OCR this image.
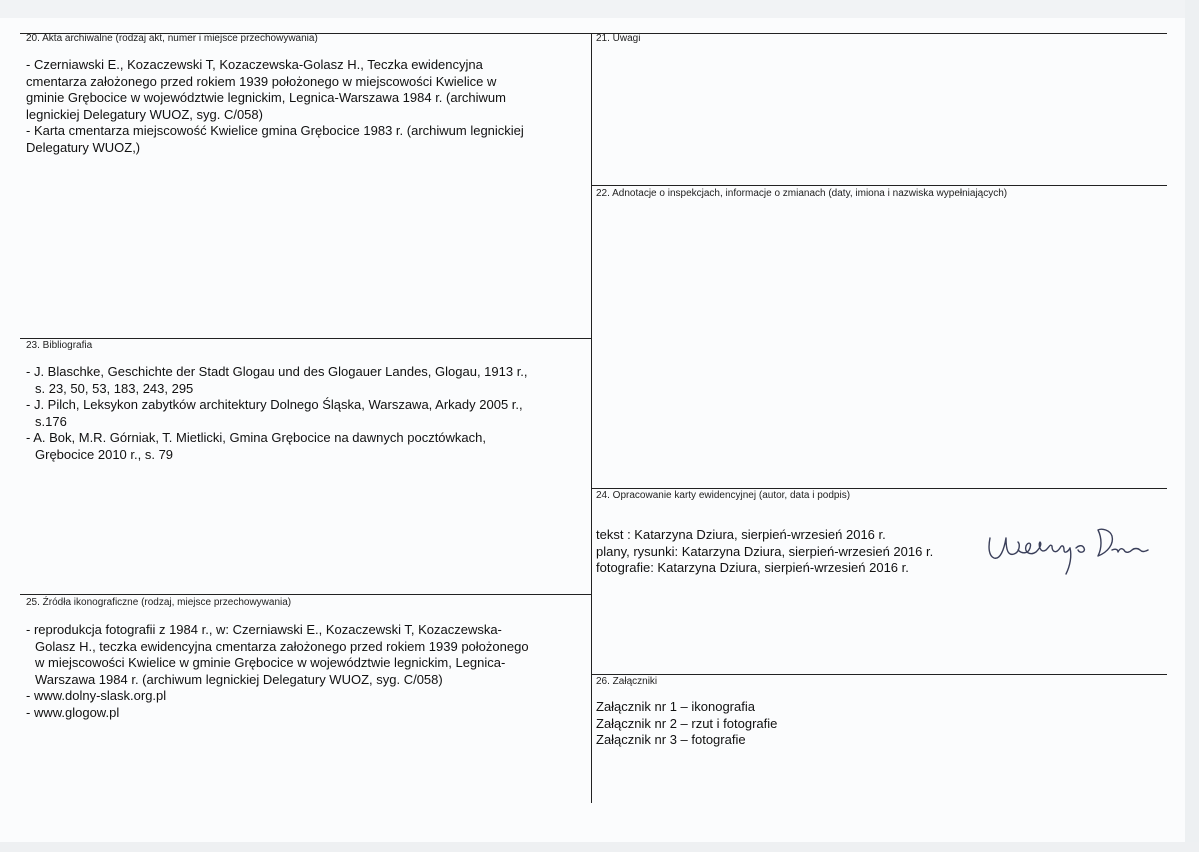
20. Akta archiwalne (rodzaj akt, numer i miejsce przechowywania)
- Czerniawski E., Kozaczewski T, Kozaczewska-Golasz H., Teczka ewidencyjna
cmentarza założonego przed rokiem 1939 położonego w miejscowości Kwielice w
gminie Grębocice w województwie legnickim, Legnica-Warszawa 1984 r. (archiwum
legnickiej Delegatury WUOZ, syg. C/058)
- Karta cmentarza miejscowość Kwielice gmina Grębocice 1983 r. (archiwum legnickiej
Delegatury WUOZ,)
21. Uwagi
22. Adnotacje o inspekcjach, informacje o zmianach (daty, imiona i nazwiska wypełniających)
23. Bibliografia
- J. Blaschke, Geschichte der Stadt Glogau und des Glogauer Landes, Glogau, 1913 r.,
s. 23, 50, 53, 183, 243, 295
- J. Pilch, Leksykon zabytków architektury Dolnego Śląska, Warszawa, Arkady 2005 r.,
s.176
- A. Bok, M.R. Górniak, T. Mietlicki, Gmina Grębocice na dawnych pocztówkach,
Grębocice 2010 r., s. 79
24. Opracowanie karty ewidencyjnej (autor, data i podpis)
tekst : Katarzyna Dziura, sierpień-wrzesień 2016 r.
plany, rysunki: Katarzyna Dziura, sierpień-wrzesień 2016 r.
fotografie: Katarzyna Dziura, sierpień-wrzesień 2016 r.
25. Źródła ikonograficzne (rodzaj, miejsce przechowywania)
- reprodukcja fotografii z 1984 r., w: Czerniawski E., Kozaczewski T, Kozaczewska-
Golasz H., teczka ewidencyjna cmentarza założonego przed rokiem 1939 położonego
w miejscowości Kwielice w gminie Grębocice w województwie legnickim, Legnica-
Warszawa 1984 r. (archiwum legnickiej Delegatury WUOZ, syg. C/058)
- www.dolny-slask.org.pl
- www.glogow.pl
26. Załączniki
Załącznik nr 1 – ikonografia
Załącznik nr 2 – rzut i fotografie
Załącznik nr 3 – fotografie
